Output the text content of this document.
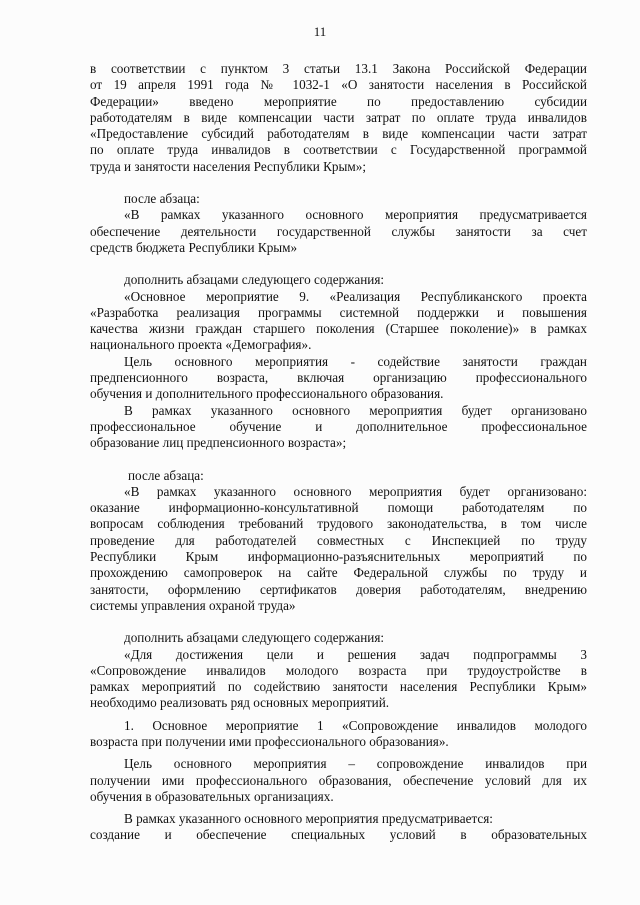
11
в соответствии с пунктом 3 статьи 13.1 Закона Российской Федерации
от 19 апреля 1991 года № 1032-1 «О занятости населения в Российской
Федерации» введено мероприятие по предоставлению субсидии
работодателям в виде компенсации части затрат по оплате труда инвалидов
«Предоставление субсидий работодателям в виде компенсации части затрат
по оплате труда инвалидов в соответствии с Государственной программой
труда и занятости населения Республики Крым»;
после абзаца:
«В рамках указанного основного мероприятия предусматривается
обеспечение деятельности государственной службы занятости за счет
средств бюджета Республики Крым»
дополнить абзацами следующего содержания:
«Основное мероприятие 9. «Реализация Республиканского проекта
«Разработка реализация программы системной поддержки и повышения
качества жизни граждан старшего поколения (Старшее поколение)» в рамках
национального проекта «Демография».
Цель основного мероприятия - содействие занятости граждан
предпенсионного возраста, включая организацию профессионального
обучения и дополнительного профессионального образования.
В рамках указанного основного мероприятия будет организовано
профессиональное обучение и дополнительное профессиональное
образование лиц предпенсионного возраста»;
после абзаца:
«В рамках указанного основного мероприятия будет организовано:
оказание информационно-консультативной помощи работодателям по
вопросам соблюдения требований трудового законодательства, в том числе
проведение для работодателей совместных с Инспекцией по труду
Республики Крым информационно-разъяснительных мероприятий по
прохождению самопроверок на сайте Федеральной службы по труду и
занятости, оформлению сертификатов доверия работодателям, внедрению
системы управления охраной труда»
дополнить абзацами следующего содержания:
«Для достижения цели и решения задач подпрограммы 3
«Сопровождение инвалидов молодого возраста при трудоустройстве в
рамках мероприятий по содействию занятости населения Республики Крым»
необходимо реализовать ряд основных мероприятий.
1. Основное мероприятие 1 «Сопровождение инвалидов молодого
возраста при получении ими профессионального образования».
Цель основного мероприятия – сопровождение инвалидов при
получении ими профессионального образования, обеспечение условий для их
обучения в образовательных организациях.
В рамках указанного основного мероприятия предусматривается:
создание и обеспечение специальных условий в образовательных
